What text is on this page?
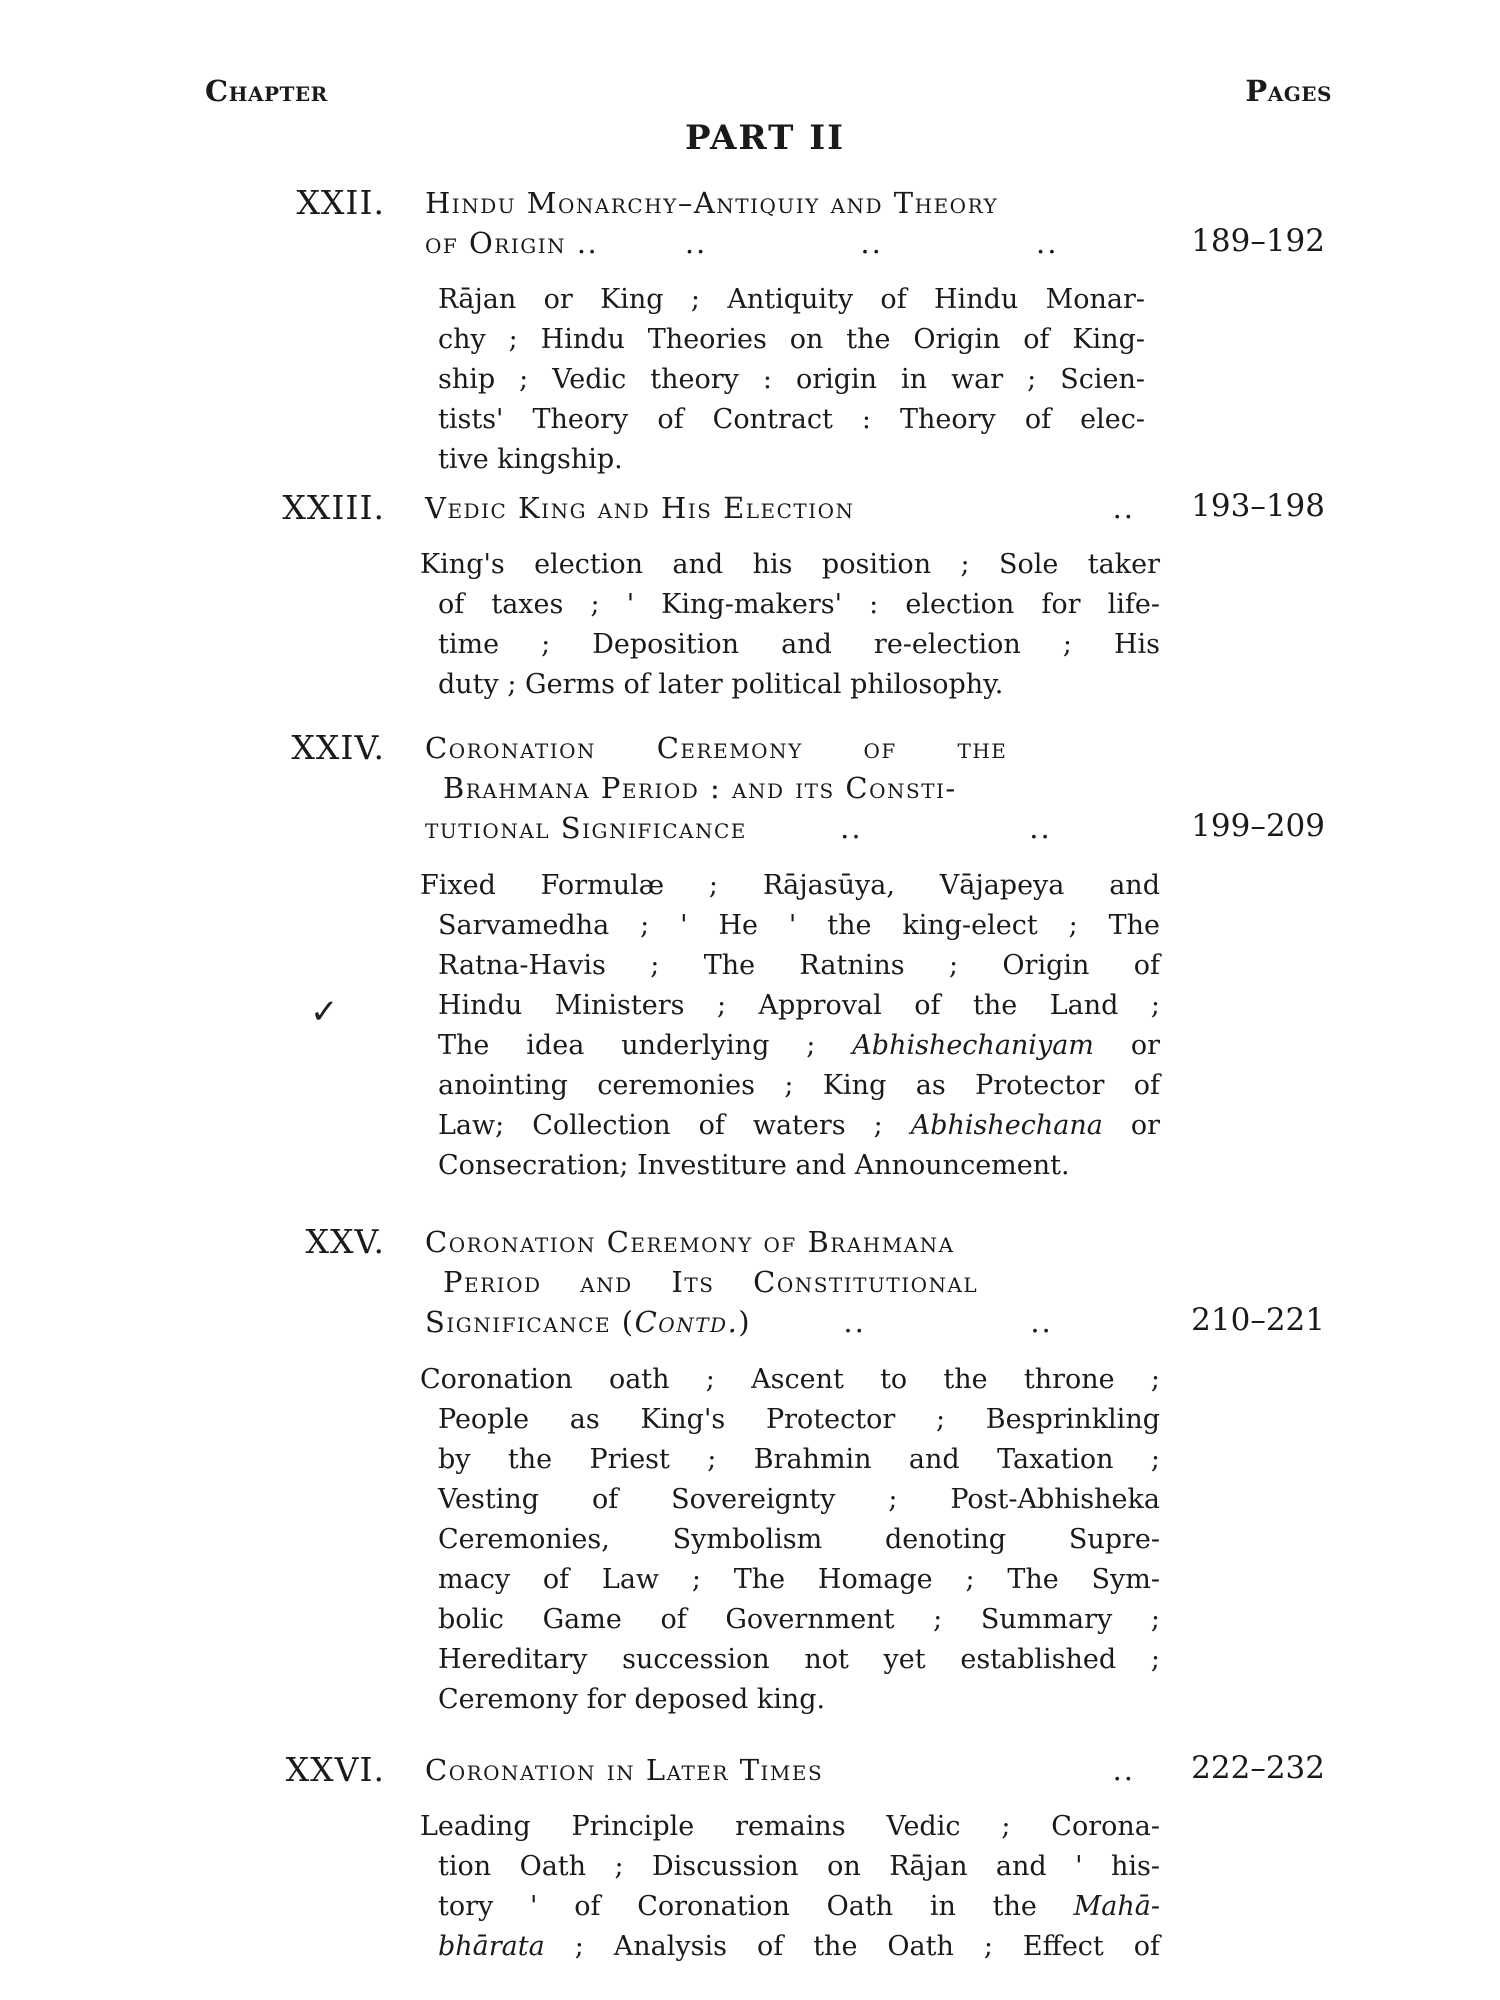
Chapter	Pages
PART II
XXII. Hindu Monarchy–Antiquiy and Theory
of Origin ..	..	..	..	189–192
Rājan or King ; Antiquity of Hindu Monar-
chy ; Hindu Theories on the Origin of King-
ship ; Vedic theory : origin in war ; Scien-
tists' Theory of Contract : Theory of elec-
tive kingship.
XXIII. Vedic King and His Election	.. 193–198
King's election and his position ; Sole taker
of taxes ; ' King-makers' : election for life-
time ; Deposition and re-election ; His
duty ; Germs of later political philosophy.
XXIV. Coronation Ceremony of the
Brahmana Period : and its Consti-
tutional Significance	..	..	199–209
Fixed Formulæ ; Rājasūya, Vājapeya and
Sarvamedha ; ' He ' the king-elect ; The
Ratna-Havis ; The Ratnins ; Origin of
Hindu Ministers ; Approval of the Land ;
The idea underlying ; Abhishechaniyam or
anointing ceremonies ; King as Protector of
Law; Collection of waters ; Abhishechana or
Consecration; Investiture and Announcement.
✓
XXV. Coronation Ceremony of Brahmana
Period and Its Constitutional
Significance (Contd.)	..	..	210–221
Coronation oath ; Ascent to the throne ;
People as King's Protector ; Besprinkling
by the Priest ; Brahmin and Taxation ;
Vesting of Sovereignty ; Post-Abhisheka
Ceremonies, Symbolism denoting Supre-
macy of Law ; The Homage ; The Sym-
bolic Game of Government ; Summary ;
Hereditary succession not yet established ;
Ceremony for deposed king.
XXVI. Coronation in Later Times	.. 222–232
Leading Principle remains Vedic ; Corona-
tion Oath ; Discussion on Rājan and ' his-
tory ' of Coronation Oath in the Mahā-
bhārata ; Analysis of the Oath ; Effect of
